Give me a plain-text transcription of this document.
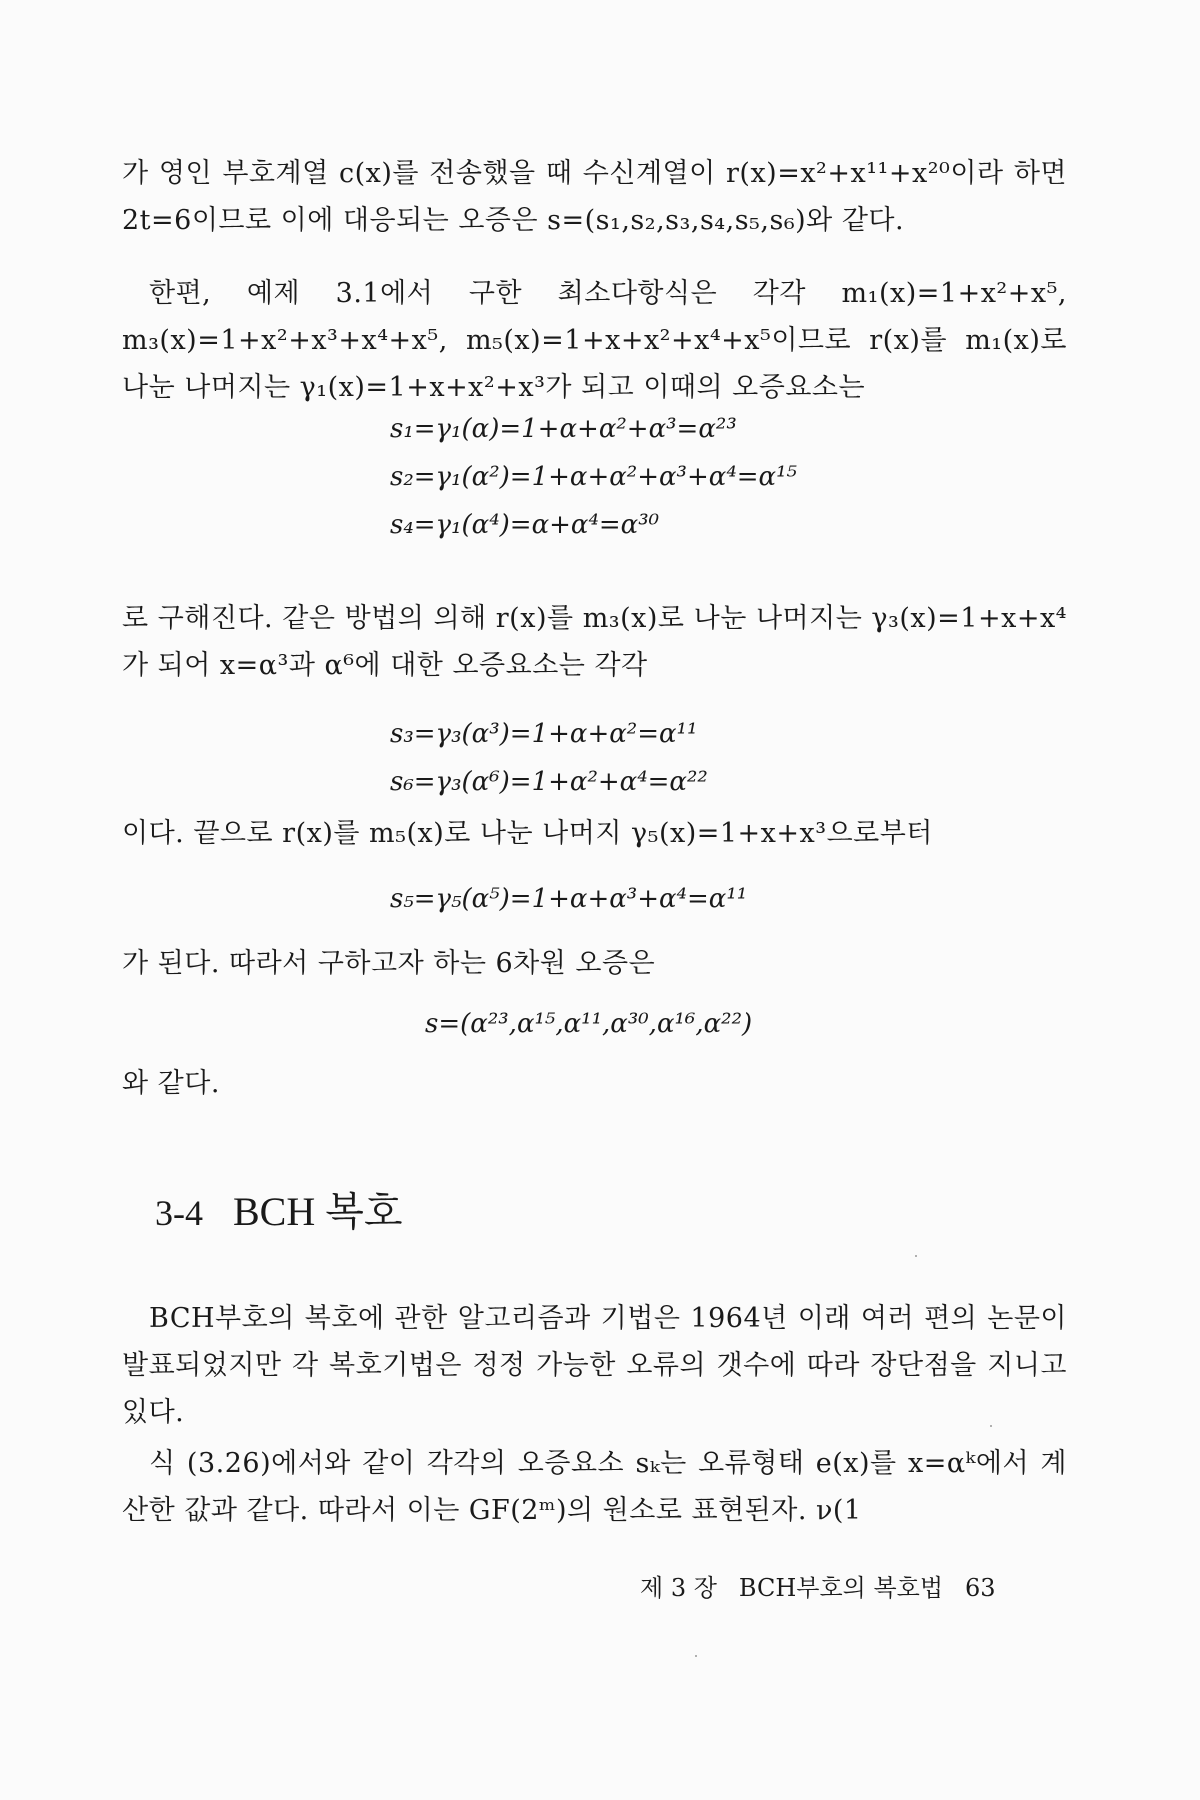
가 영인 부호계열 c(x)를 전송했을 때 수신계열이 r(x)=x²+x¹¹+x²⁰이라 하면 2t=6이므로 이에 대응되는 오증은 s=(s₁,s₂,s₃,s₄,s₅,s₆)와 같다.
한편, 예제 3.1에서 구한 최소다항식은 각각 m₁(x)=1+x²+x⁵, m₃(x)=1+x²+x³+x⁴+x⁵, m₅(x)=1+x+x²+x⁴+x⁵이므로 r(x)를 m₁(x)로 나눈 나머지는 γ₁(x)=1+x+x²+x³가 되고 이때의 오증요소는
s₁=γ₁(α)=1+α+α²+α³=α²³
s₂=γ₁(α²)=1+α+α²+α³+α⁴=α¹⁵
s₄=γ₁(α⁴)=α+α⁴=α³⁰
로 구해진다. 같은 방법의 의해 r(x)를 m₃(x)로 나눈 나머지는 γ₃(x)=1+x+x⁴가 되어 x=α³과 α⁶에 대한 오증요소는 각각
s₃=γ₃(α³)=1+α+α²=α¹¹
s₆=γ₃(α⁶)=1+α²+α⁴=α²²
이다. 끝으로 r(x)를 m₅(x)로 나눈 나머지 γ₅(x)=1+x+x³으로부터
s₅=γ₅(α⁵)=1+α+α³+α⁴=α¹¹
가 된다. 따라서 구하고자 하는 6차원 오증은
s=(α²³,α¹⁵,α¹¹,α³⁰,α¹⁶,α²²)
와 같다.
3-4 BCH 복호
BCH부호의 복호에 관한 알고리즘과 기법은 1964년 이래 여러 편의 논문이 발표되었지만 각 복호기법은 정정 가능한 오류의 갯수에 따라 장단점을 지니고 있다.
식 (3.26)에서와 같이 각각의 오증요소 sₖ는 오류형태 e(x)를 x=αᵏ에서 계산한 값과 같다. 따라서 이는 GF(2ᵐ)의 원소로 표현된자. ν(1
제 3 장 BCH부호의 복호법 63
